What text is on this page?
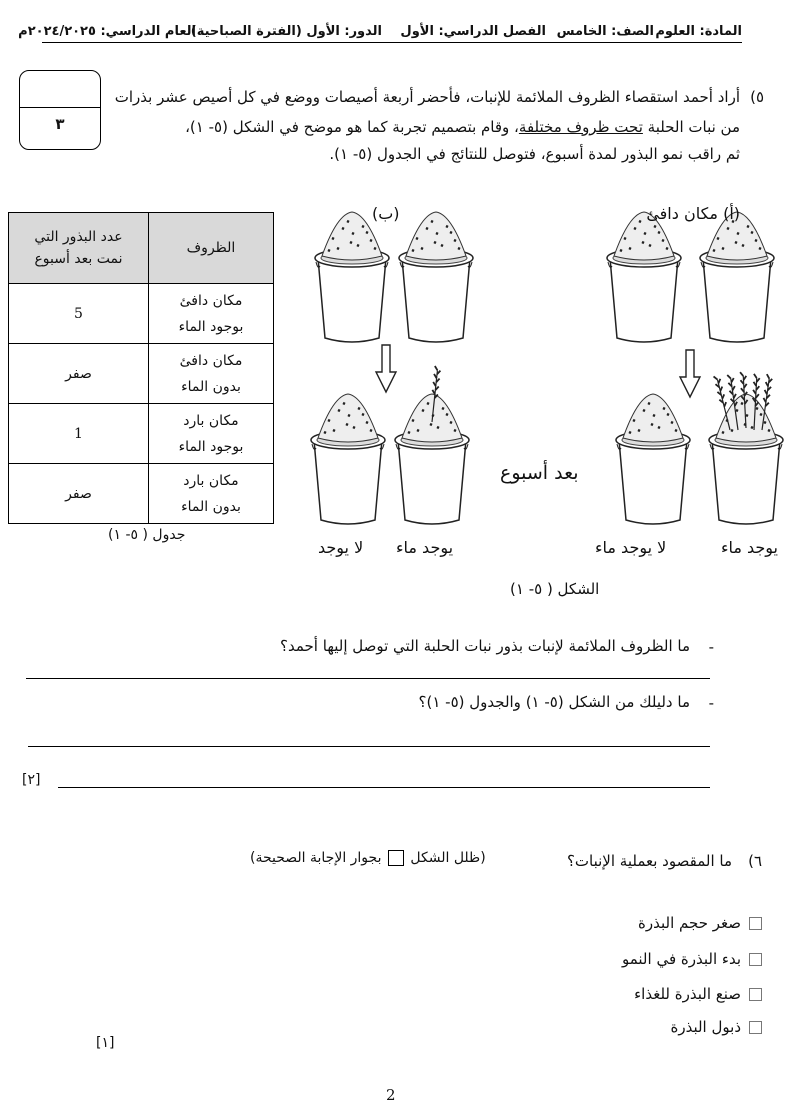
المادة: العلوم
الصف: الخامس
الفصل الدراسي: الأول
الدور: الأول (الفترة الصباحية)
العام الدراسي: ٢٠٢٤/٢٠٢٥م
٣
٥)
أراد أحمد استقصاء الظروف الملائمة للإنبات، فأحضر أربعة أصيصات ووضع في كل أصيص عشر بذرات
من نبات الحلبة تحت ظروف مختلفة، وقام بتصميم تجربة كما هو موضح في الشكل (٥- ١)،
ثم راقب نمو البذور لمدة أسبوع، فتوصل للنتائج في الجدول (٥- ١).
الظروف	عدد البذور التي
نمت بعد أسبوع

مكان دافئ
بوجود الماء	5

مكان دافئ
بدون الماء	صفر

مكان بارد
بوجود الماء	1

مكان بارد
بدون الماء	صفر
جدول ( ٥- ١)
(أ) مكان دافئ
(ب)
بعد أسبوع
يوجد ماء
لا يوجد ماء
يوجد ماء
لا يوجد
الشكل ( ٥- ١)
-
ما الظروف الملائمة لإنبات بذور نبات الحلبة التي توصل إليها أحمد؟
-
ما دليلك من الشكل (٥- ١) والجدول (٥- ١)؟
[٢]
٦)
ما المقصود بعملية الإنبات؟
(ظلل الشكل  بجوار الإجابة الصحيحة)
صغر حجم البذرة
بدء البذرة في النمو
صنع البذرة للغذاء
ذبول البذرة
[١]
2
